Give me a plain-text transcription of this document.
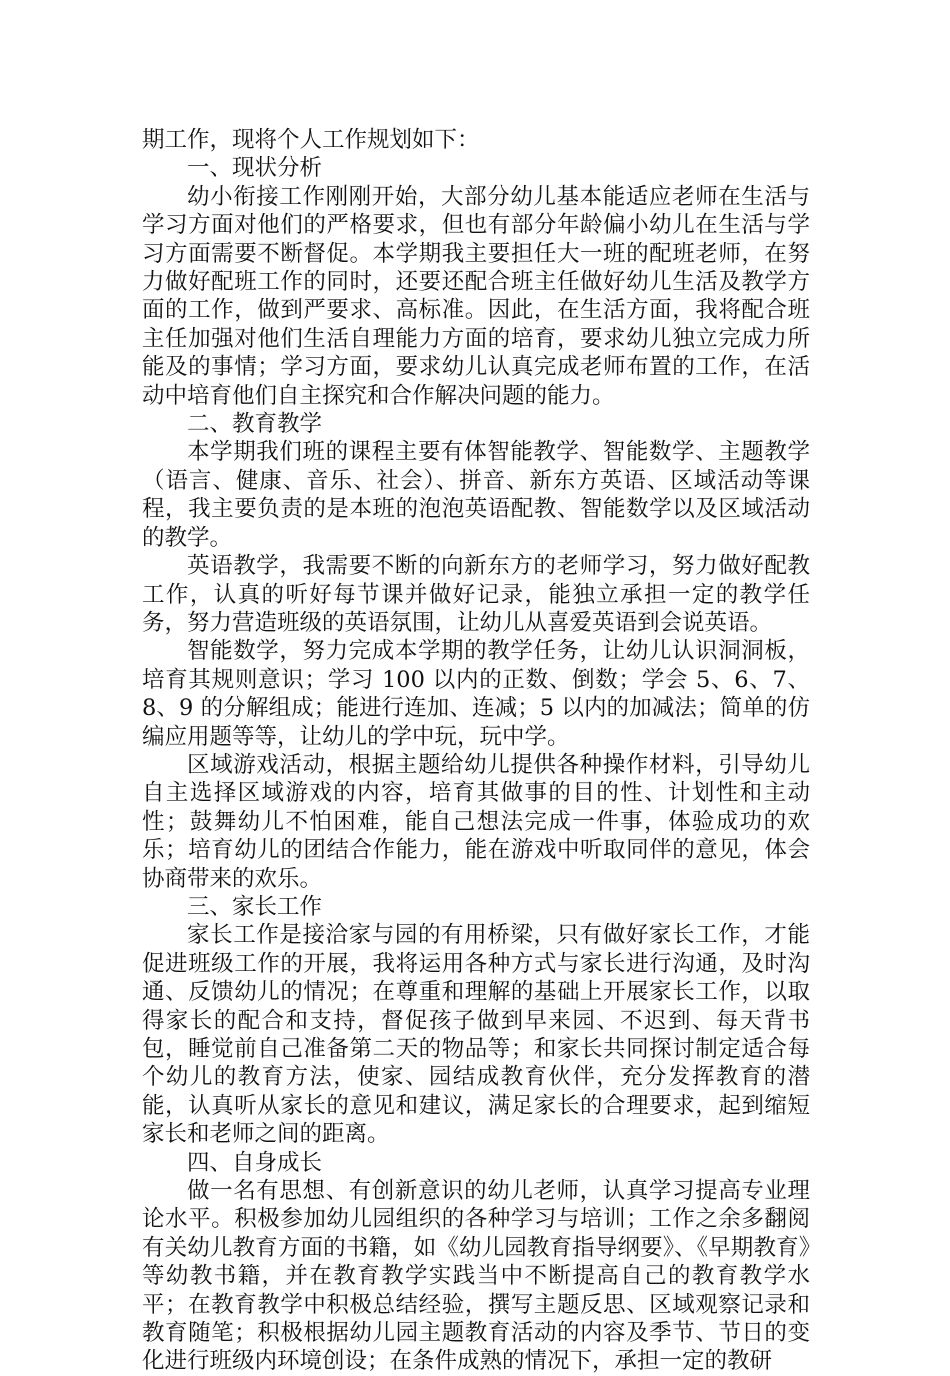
期工作，现将个人工作规划如下：

一、现状分析

幼小衔接工作刚刚开始，大部分幼儿基本能适应老师在生活与学习方面对他们的严格要求，但也有部分年龄偏小幼儿在生活与学习方面需要不断督促。本学期我主要担任大一班的配班老师，在努力做好配班工作的同时，还要还配合班主任做好幼儿生活及教学方面的工作，做到严要求、高标准。因此，在生活方面，我将配合班主任加强对他们生活自理能力方面的培育，要求幼儿独立完成力所能及的事情；学习方面，要求幼儿认真完成老师布置的工作，在活动中培育他们自主探究和合作解决问题的能力。

二、教育教学

本学期我们班的课程主要有体智能教学、智能数学、主题教学（语言、健康、音乐、社会）、拼音、新东方英语、区域活动等课程，我主要负责的是本班的泡泡英语配教、智能数学以及区域活动的教学。

英语教学，我需要不断的向新东方的老师学习，努力做好配教工作，认真的听好每节课并做好记录，能独立承担一定的教学任务，努力营造班级的英语氛围，让幼儿从喜爱英语到会说英语。

智能数学，努力完成本学期的教学任务，让幼儿认识洞洞板，培育其规则意识；学习 100 以内的正数、倒数；学会 5、6、7、8、9 的分解组成；能进行连加、连减；5 以内的加减法；简单的仿编应用题等等，让幼儿的学中玩，玩中学。

区域游戏活动，根据主题给幼儿提供各种操作材料，引导幼儿自主选择区域游戏的内容，培育其做事的目的性、计划性和主动性；鼓舞幼儿不怕困难，能自己想法完成一件事，体验成功的欢乐；培育幼儿的团结合作能力，能在游戏中听取同伴的意见，体会协商带来的欢乐。

三、家长工作

家长工作是接洽家与园的有用桥梁，只有做好家长工作，才能促进班级工作的开展，我将运用各种方式与家长进行沟通，及时沟通、反馈幼儿的情况；在尊重和理解的基础上开展家长工作，以取得家长的配合和支持，督促孩子做到早来园、不迟到、每天背书包，睡觉前自己准备第二天的物品等；和家长共同探讨制定适合每个幼儿的教育方法，使家、园结成教育伙伴，充分发挥教育的潜能，认真听从家长的意见和建议，满足家长的合理要求，起到缩短家长和老师之间的距离。

四、自身成长

做一名有思想、有创新意识的幼儿老师，认真学习提高专业理论水平。积极参加幼儿园组织的各种学习与培训；工作之余多翻阅有关幼儿教育方面的书籍，如《幼儿园教育指导纲要》、《早期教育》等幼教书籍，并在教育教学实践当中不断提高自己的教育教学水平；在教育教学中积极总结经验，撰写主题反思、区域观察记录和教育随笔；积极根据幼儿园主题教育活动的内容及季节、节日的变化进行班级内环境创设；在条件成熟的情况下，承担一定的教研
